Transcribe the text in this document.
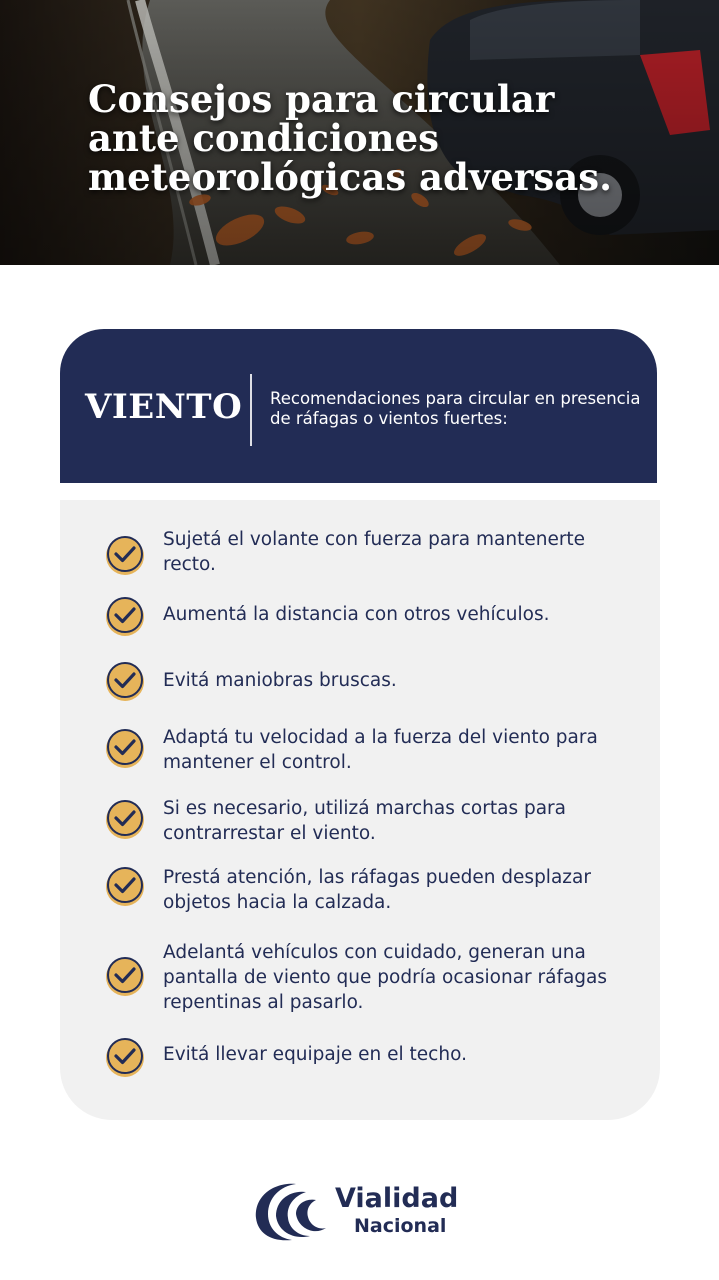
Consejos para circular ante condiciones meteorológicas adversas.
VIENTO Recomendaciones para circular en presencia de ráfagas o vientos fuertes:

Sujetá el volante con fuerza para mantenerte recto.

Aumentá la distancia con otros vehículos.

Evitá maniobras bruscas.

Adaptá tu velocidad a la fuerza del viento para mantener el control.

Si es necesario, utilizá marchas cortas para contrarrestar el viento.

Prestá atención, las ráfagas pueden desplazar objetos hacia la calzada.

Adelantá vehículos con cuidado, generan una pantalla de viento que podría ocasionar ráfagas repentinas al pasarlo.

Evitá llevar equipaje en el techo.

Vialidad

Nacional
